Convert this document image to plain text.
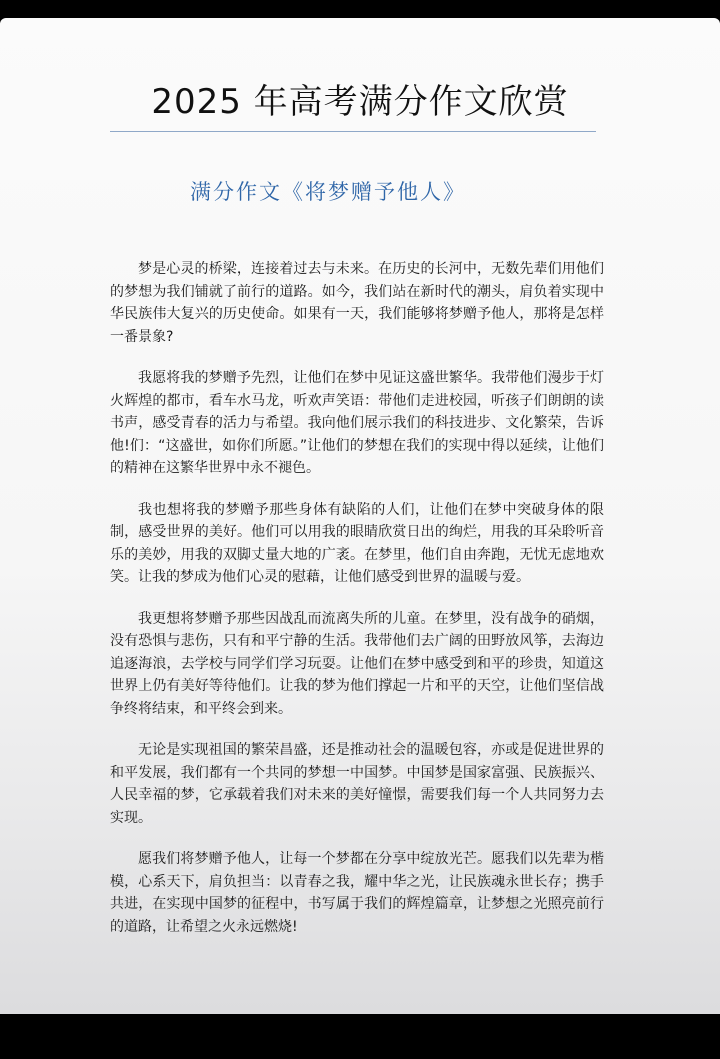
2025 年高考满分作文欣赏
满分作文《将梦赠予他人》

梦是心灵的桥梁，连接着过去与未来。在历史的长河中，无数先辈们用他们的梦想为我们铺就了前行的道路。如今，我们站在新时代的潮头，肩负着实现中华民族伟大复兴的历史使命。如果有一天，我们能够将梦赠予他人，那将是怎样一番景象?

我愿将我的梦赠予先烈，让他们在梦中见证这盛世繁华。我带他们漫步于灯火辉煌的都市，看车水马龙，听欢声笑语：带他们走进校园，听孩子们朗朗的读书声，感受青春的活力与希望。我向他们展示我们的科技进步、文化繁荣，告诉他!们：“这盛世，如你们所愿。”让他们的梦想在我们的实现中得以延续，让他们的精神在这繁华世界中永不褪色。

我也想将我的梦赠予那些身体有缺陷的人们，让他们在梦中突破身体的限制，感受世界的美好。他们可以用我的眼睛欣赏日出的绚烂，用我的耳朵聆听音乐的美妙，用我的双脚丈量大地的广袤。在梦里，他们自由奔跑，无忧无虑地欢笑。让我的梦成为他们心灵的慰藉，让他们感受到世界的温暖与爱。

我更想将梦赠予那些因战乱而流离失所的儿童。在梦里，没有战争的硝烟，没有恐惧与悲伤，只有和平宁静的生活。我带他们去广阔的田野放风筝，去海边追逐海浪，去学校与同学们学习玩耍。让他们在梦中感受到和平的珍贵，知道这世界上仍有美好等待他们。让我的梦为他们撑起一片和平的天空，让他们坚信战争终将结束，和平终会到来。

无论是实现祖国的繁荣昌盛，还是推动社会的温暖包容，亦或是促进世界的和平发展，我们都有一个共同的梦想一中国梦。中国梦是国家富强、民族振兴、人民幸福的梦，它承载着我们对未来的美好憧憬，需要我们每一个人共同努力去实现。

愿我们将梦赠予他人，让每一个梦都在分享中绽放光芒。愿我们以先辈为楷模，心系天下，肩负担当：以青春之我，耀中华之光，让民族魂永世长存；携手共进，在实现中国梦的征程中，书写属于我们的辉煌篇章，让梦想之光照亮前行的道路，让希望之火永远燃烧!
